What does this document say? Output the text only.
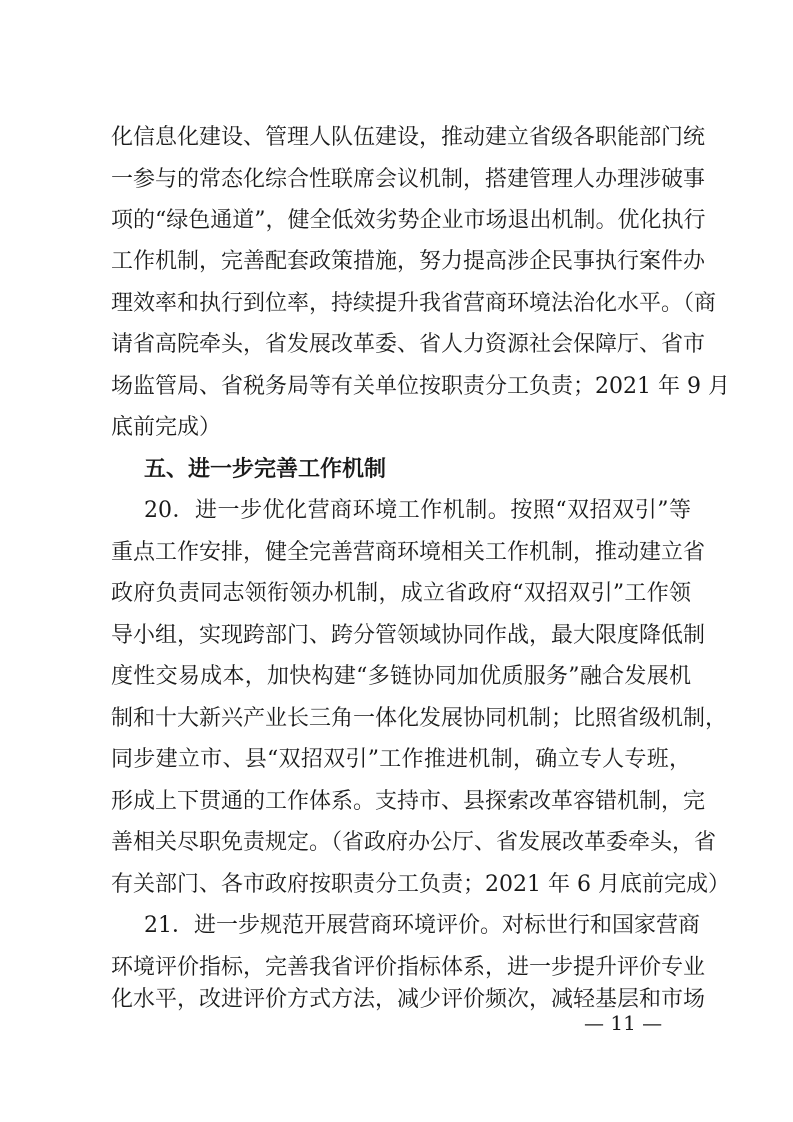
化信息化建设、管理人队伍建设，推动建立省级各职能部门统
一参与的常态化综合性联席会议机制，搭建管理人办理涉破事
项的“绿色通道”，健全低效劣势企业市场退出机制。优化执行
工作机制，完善配套政策措施，努力提高涉企民事执行案件办
理效率和执行到位率，持续提升我省营商环境法治化水平。（商
请省高院牵头，省发展改革委、省人力资源社会保障厅、省市
场监管局、省税务局等有关单位按职责分工负责；2021 年 9 月
底前完成）
五、进一步完善工作机制
20．进一步优化营商环境工作机制。按照“双招双引”等
重点工作安排，健全完善营商环境相关工作机制，推动建立省
政府负责同志领衔领办机制，成立省政府“双招双引”工作领
导小组，实现跨部门、跨分管领域协同作战，最大限度降低制
度性交易成本，加快构建“多链协同加优质服务”融合发展机
制和十大新兴产业长三角一体化发展协同机制；比照省级机制，
同步建立市、县“双招双引”工作推进机制，确立专人专班，
形成上下贯通的工作体系。支持市、县探索改革容错机制，完
善相关尽职免责规定。（省政府办公厅、省发展改革委牵头，省
有关部门、各市政府按职责分工负责；2021 年 6 月底前完成）
21．进一步规范开展营商环境评价。对标世行和国家营商
环境评价指标，完善我省评价指标体系，进一步提升评价专业
化水平，改进评价方式方法，减少评价频次，减轻基层和市场
— 11 —
